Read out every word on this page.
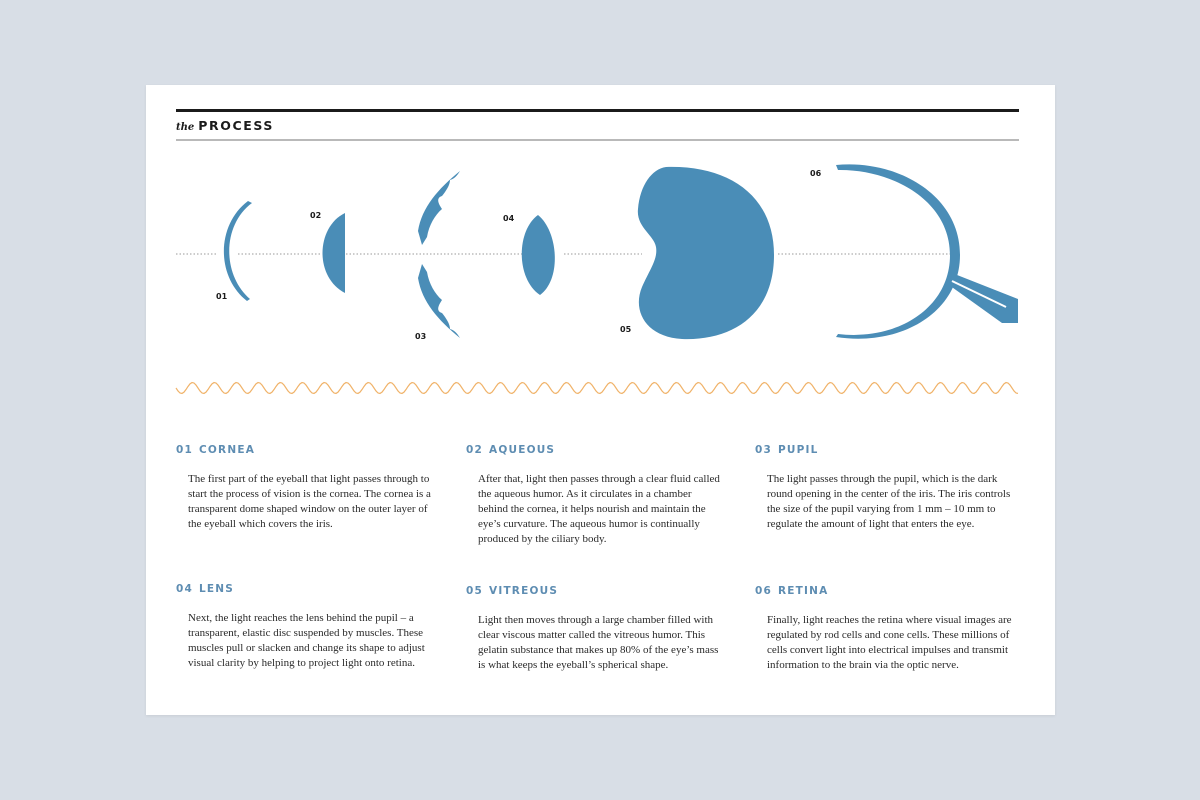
the PROCESS
01
02
03
04
05
06
01 CORNEA
The first part of the eyeball that light passes through to start the process of vision is the cornea. The cornea is a transparent dome shaped window on the outer layer of the eyeball which covers the iris.
02 AQUEOUS
After that, light then passes through a clear fluid called the aqueous humor. As it circulates in a chamber behind the cornea, it helps nourish and maintain the eye’s curvature. The aqueous humor is continually produced by the ciliary body.
03 PUPIL
The light passes through the pupil, which is the dark round opening in the center of the iris. The iris controls the size of the pupil varying from 1 mm – 10 mm to regulate the amount of light that enters the eye.
04 LENS
Next, the light reaches the lens behind the pupil – a transparent, elastic disc suspended by muscles. These muscles pull or slacken and change its shape to adjust visual clarity by helping to project light onto retina.
05 VITREOUS
Light then moves through a large chamber filled with clear viscous matter called the vitreous humor. This gelatin substance that makes up 80% of the eye’s mass is what keeps the eyeball’s spherical shape.
06 RETINA
Finally, light reaches the retina where visual images are regulated by rod cells and cone cells. These millions of cells convert light into electrical impulses and transmit information to the brain via the optic nerve.
